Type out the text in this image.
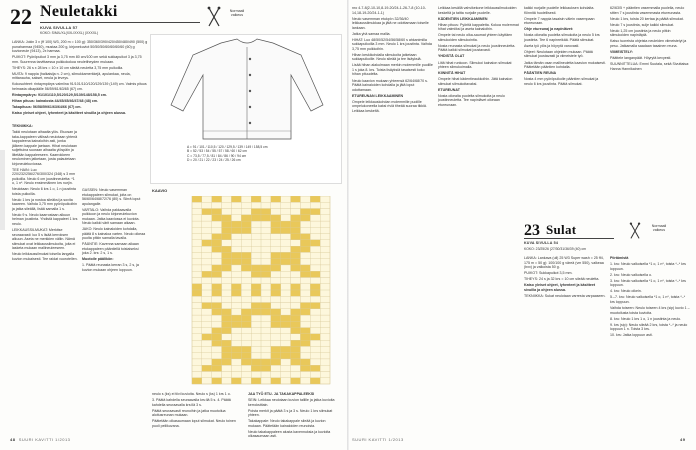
22 Neuletakki
KUVA SIVULLA 57
KOKO: S/M/L/XL(XXL/XXXL) (XXXXL)
Normaali
vaikeus

LANKA: Jokin 3 x (ff 100) W3, 200 m = 100 g): 350/360/390/420/450/480/490 (500) g punaharmaa (9450), mustaa 200 g, kirjonekuviot 50/50/50/60/60/60/60 (60) g kuvioneule (9413), 2x harmaa.

PUIKOT: Pyöröpuikot 3 mm ja 3,75 mm 80 cm/100 cm sekä sukkapuikot 3 ja 3,75 mm. Suurenna tarvittaessa puikkokokoa neuletiheyden mukaan.

TIHEYS: 26 s x 28 krs = 10 x 10 cm sileää neuletta 3,75 mm puikoilla.

MUITA: 9 nappia (halkaisija n. 2 cm), silmukkamerkkejä, apulankaa, neula, mittanauha, sakset, neula ja leveys.

Kokosuhteet: rintaympärys valmiina 91/101/110/120/129/139 (149) cm. Valmis pituus helmasta olkapäälle 56/59/61/63/65 (67) cm.

Rintaympärys: 91/101/110,5/120/129,5/139/148/158,5 cm.

Hihan pituus: kainalosta 44/45/45/46/47/48 (48) cm.

Takapituus: 56/58/59/61/63/64/66 (67) cm.

Katso yleiset ohjeet, lyhenteet ja käsitteet sivuilla ja ohjeen alussa.

A = 91 / 101 / 110,5 / 120 / 129,5 / 139 / 149 / 158,5 cm
B = 52 / 53 / 54 / 55 / 57 / 58 / 60 / 62 cm
C = 73,5 / 77,5 / 81 / 84 / 86 / 90 / 94 cm
D = 20 / 21 / 22 / 23 / 24 / 25 / 26 cm

TEKNIIKKA:

Takki neulotaan alhaalta ylös. Etuosan ja taka-kappaleen välissä neulotaan yhtenä kappaleena kainaloihin asti, jonka jälkeen kappale jaetaan. Hihat neulotaan suljettuina suoraan alhaalta ylöspäin ja liitetään kappaleeseen. Kaarrokkeen neulominen jatketaan, josta palautetaan kirjoneulekuviossa.

TEE HAIN: Luo 220/232/256/276/300/324 (348) s 3 mm puikoilla. Neulo 6 cm joustinneuletta: *1 o, 1 n*. Neulo ensimmäinen krs nurjin.

Neulotaan: Neulo 6 krs 1 o, 1 n joustinta toista puikoilla.

Neulo 1 krs ja nostoa sileäksi ja sovita kaareen. Vaihda 3,75 mm pyöröpuikoihin ja jatka sileällä, lisää samalla 1 s.

Neulo 9 s. Neulo kaarrostaan alkuun helman joustinta. Yhdistä kappaleet 1 krs neulo.

LEIKKAUSSILMUKAT: Merkitse seuraavasti: luo 5 s lisää kerroksen alkuun. Aseta ne merkkien väliin. Nämä silmukat ovat leikkaussilmukoita, joita ei lasketa mukaan mallineuleeseen.

Neulo leikkaussilmukat toisella langalla kuvion mukaisesti. Tee raidat vuorotellen.

GASSEN: Neulo vasemman etukappaleen silmukat, joita on 56/60/64/68/72/76 (80) s. Siirrä loput apulangalle.

VARTALO: Vaihda pakkaavalla puikkoon ja neulo kirjoneulekuvion mukaan. Jatka kaaviossa ei kuviota. Neulo kaikki värit samaan aikaan.

JAKO: Neulo kainaloiden kohdalla, päätä 8 s kainaloa varten. Neulo oikeaa puolta pitkin samalla tavalla.

PÄÄNTIE: Kavenna samaan aikaan etukappaleen pääntiellä toistaiseksi joka 2. krs: 2 s, 1 s.

Muotoile päälikön:

1. Päätä reunasta kerran 3 s, 2 s, ja kuvion mukaan ohjeen loppuun.

KAAVIO

neulo s (ks) ei tiivi kuvioita. Neulo s (ks) 1 krs 1 o.

3. Päätä kahdella seuraavalla krs:llä 5 s. 4. Päätä kahdella seuraavalla krs:llä 3 s.

Päätä seuraavasti reunoihin ja jatka muotoilua aloitusreunan mukaan.

Päätetään olkasaumaan loput silmukat. Neulo toinen puoli peilikuvana.

JAA TYÖ ETU- JA TAKAKAPPALEEKSI

SEIN: Leikkaa neulotaan kuvion tallille ja jatka kuvioita kerroksittain.

Poista merkit ja päätä 3 s ja 3 s. Neulo 1 krs silmukat yhteen.

Takakappale: Neulo takakappale sileää ja kuvion mukaan. Päätetään kainaloiden reunoista.

Neulo takakappaleen alusta kavennuksia ja kuvioita olkasaumaan asti.

48 SUURI KAVITTI 1/2013

nro 4-7-8(2-10-10,8-19-20/24-1-26-7-8 (10-10-14,18-19-20/24-1-1)

Neulo vasemman etukpl:n 32/36/40 leikkaussilmukkaa ja jätä ne odottamaan toiselle lankaan.

Jatka yhä samaa mallia.

HIHAT: Luo 48/50/52/54/56/58/60 s ahkanimilla sukkapuikoilla 3 mm. Neulo 1 krs joustinta. Vaihda 3,75 mm puikkoihin.

Hihan keskikohdalla silmukoita jatketaan sukkapuikoille. Neulo sileää ja tee lisäyksiä.

Lisää hihan alakulmaan merkin molemmille puolille 1 s joka 8. krs. Toista lisäyksiä tasaisesti koko hihan pituudelta.

Neulo kaavion mukaan yhteensä 62/64/68/70 s. Päätä kainaloiden kohdalla ja jätä loput odottamaan.

ETUREUNAN LEIKKAAMINEN

Ompele leikkauskohdan molemmille puolille ompelukoneella kaksi riviä tiheää suoraa tikkiä. Leikkaa keskeltä.

Leikkaa kesällä vahvikekone leikkaussilmukoiden keskeltä ja taitta nurjalle puolelle.

KÄDENTIEN LEIKKAAMINEN

Hihan pituus: Pyöritä kappaletta. Kokoa molemmat hihat valmiiksi ja aseta kainaloihin.

Ompele tai neulo olka-saumat yhteen käyttäen silmukoiden silmukointia.

Nosta reunasta silmukat ja neulo joustinneuletta. Päätä kaikki silmukat joustavasti.

YHDISTÄ OLAT

Liitä hihat runkoon. Silmukoi kainalon silmukat yhteen silmukoimalla.

KIINNITÄ HIHAT

Ompele hihat kädentieaukkoihin. Jätä kainalon silmukat silmukoitavaksi.

ETUREUNAT

Nosta oikealta puolelta silmukoita ja neulo joustinneuletta. Tee napinlävet oikeaan etureunaan.

kaikki nurjalle puolelle leikkauksen kohdalta. Kiinnitä huolellisesti.

Ompele 7 nappia tasaisin välein vasempaan etureunaan.

Ohje etureunaj ja napinlävet:

Nosta oikealta puolelta silmukoita ja neulo 5 krs joustinta. Tee 6 napinreikää. Päätä silmukat.

Aseta työ ylös ja höyrytä varovasti.

Ohjeet: Neulotaan ohjeiden mukaan. Päätä silmukat joustavasti ja viimeistele työ.

Jatka tämän osan mallineuletta kaavion mukaisesti. Päätetään pääntien kohdalla.

PÄÄNTIEN REUNA

Nosta 4 mm pyöröpuikolle pääntien silmukat ja neulo 6 krs joustinta. Päätä silmukat.

62/63/5 + pääntien vasemmalla puolella, neulo sitten 7 s joustinta vasemmasta etureunasta.

Neulo 1 krs, toista 20 kertaa ja päätä silmukat.

Neulo 7 s joustinta, sulje kaikki silmukat.

Neulo 1,25 cm joustinta ja neulo pitkin silmukoiden napinläpiä.

Katso tuoreista ohjeista neuleiden viimeistelyt ja pesu. Jatkamalla saadaan tasainen reuna.

VIIMEISTELY:

Päättele langanpäät. Höyrytä kevyesti.

SUUNNITTELUA: Emmi Suutala, sekä Sivuttaisa: Hanna Hannikainen

23 Sulat	Normaali
vaikeus
KUVA SIVULLA 54
KOKO: 23/25/26 (27/30/31/36/39 (40) cm

LANKA: Lankava (ull) 25 W3 Super wash = 25 ff4, 175 m = 50 g): 100/100 g väreä (vm 550), valkeaa (bxx) ja valkoista 50 g.

PUIKOT: Sukkapuikot 3,5 mm.

TIHEYS: 24 s ja 32 krs = 10 cm sileää neuletta.

Katso yleiset ohjeet, lyhenteet ja käsitteet sivuilla ja ohjeen alussa.

TEKNIIKKA: Sukat neulotaan varresta varpaaseen.

Piirtämistä

1. kru: Neulo valkoisella *1 o, 1 n*, toista *–* krs loppuun.

2. kru: Neulo valkoisella o.

3. kru: Neulo valkoisella *1 o, 1 n*, toista *–* krs loppuun.

4. kru: Neulo oikein.

5.–7. kru: Neulo valkoisella *1 o, 1 n*, toista *–* krs loppuun.

Vaihda toiseen: Neulo toiseen 4 krs (sip) kuvio 1 – muotoilusta toista kuvioita.

8. kru: Neulo 1 krs 1 o, 1 n joustinta ja neulo.

9. krs (sip): Neulo sileää 2 krs, toista *–* ja neulo loppuun 1 n. Toista 3 krs.

10. krs: Jatka loppuun asti.

SUURI KAVITTI 1/2013	49
